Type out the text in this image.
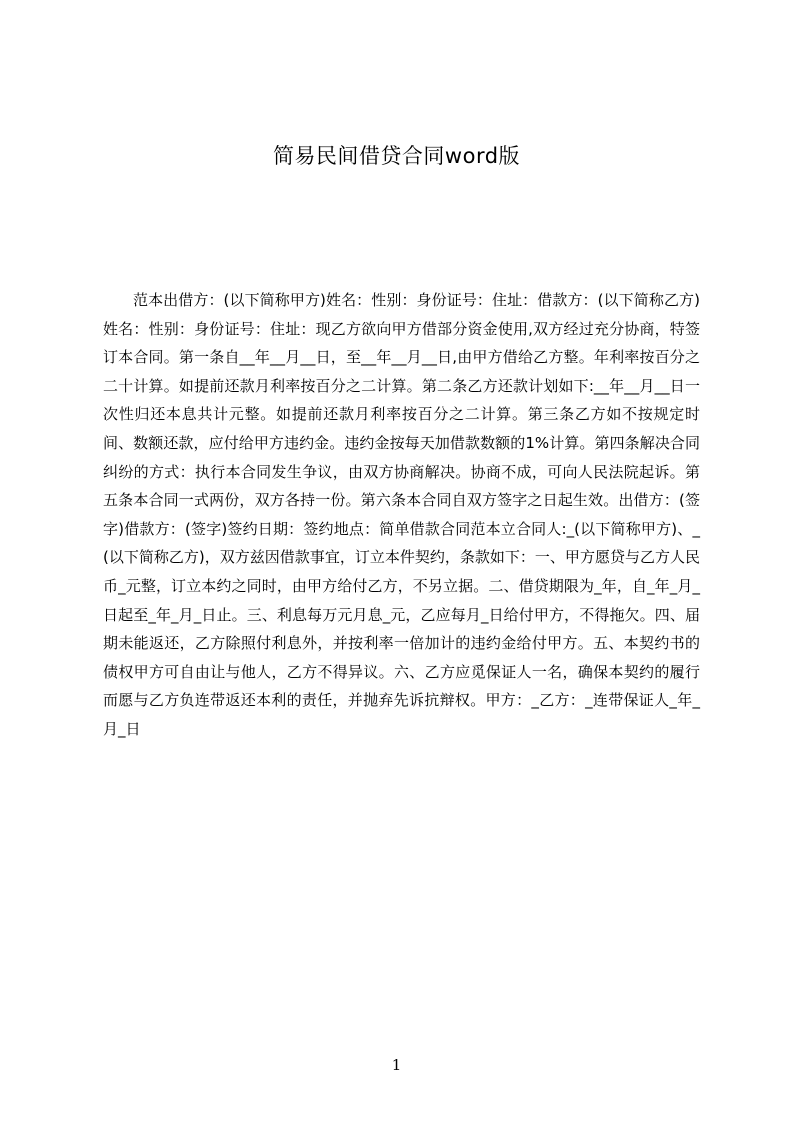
简易民间借贷合同word版

范本出借方：(以下简称甲方)姓名：性别：身份证号：住址：借款方：(以下简称乙方)姓名：性别：身份证号：住址：现乙方欲向甲方借部分资金使用,双方经过充分协商，特签订本合同。第一条自__年__月__日，至__年__月__日,由甲方借给乙方整。年利率按百分之二十计算。如提前还款月利率按百分之二计算。第二条乙方还款计划如下:__年__月__日一次性归还本息共计元整。如提前还款月利率按百分之二计算。第三条乙方如不按规定时间、数额还款，应付给甲方违约金。违约金按每天加借款数额的1%计算。第四条解决合同纠纷的方式：执行本合同发生争议，由双方协商解决。协商不成，可向人民法院起诉。第五条本合同一式两份，双方各持一份。第六条本合同自双方签字之日起生效。出借方：(签字)借款方：(签字)签约日期：签约地点：简单借款合同范本立合同人:_(以下简称甲方)、_(以下简称乙方)，双方兹因借款事宜，订立本件契约，条款如下：一、甲方愿贷与乙方人民币_元整，订立本约之同时，由甲方给付乙方，不另立据。二、借贷期限为_年，自_年_月_日起至_年_月_日止。三、利息每万元月息_元，乙应每月_日给付甲方，不得拖欠。四、届期未能返还，乙方除照付利息外，并按利率一倍加计的违约金给付甲方。五、本契约书的债权甲方可自由让与他人，乙方不得异议。六、乙方应觅保证人一名，确保本契约的履行而愿与乙方负连带返还本利的责任，并抛弃先诉抗辩权。甲方：_乙方：_连带保证人_年_月_日

1
